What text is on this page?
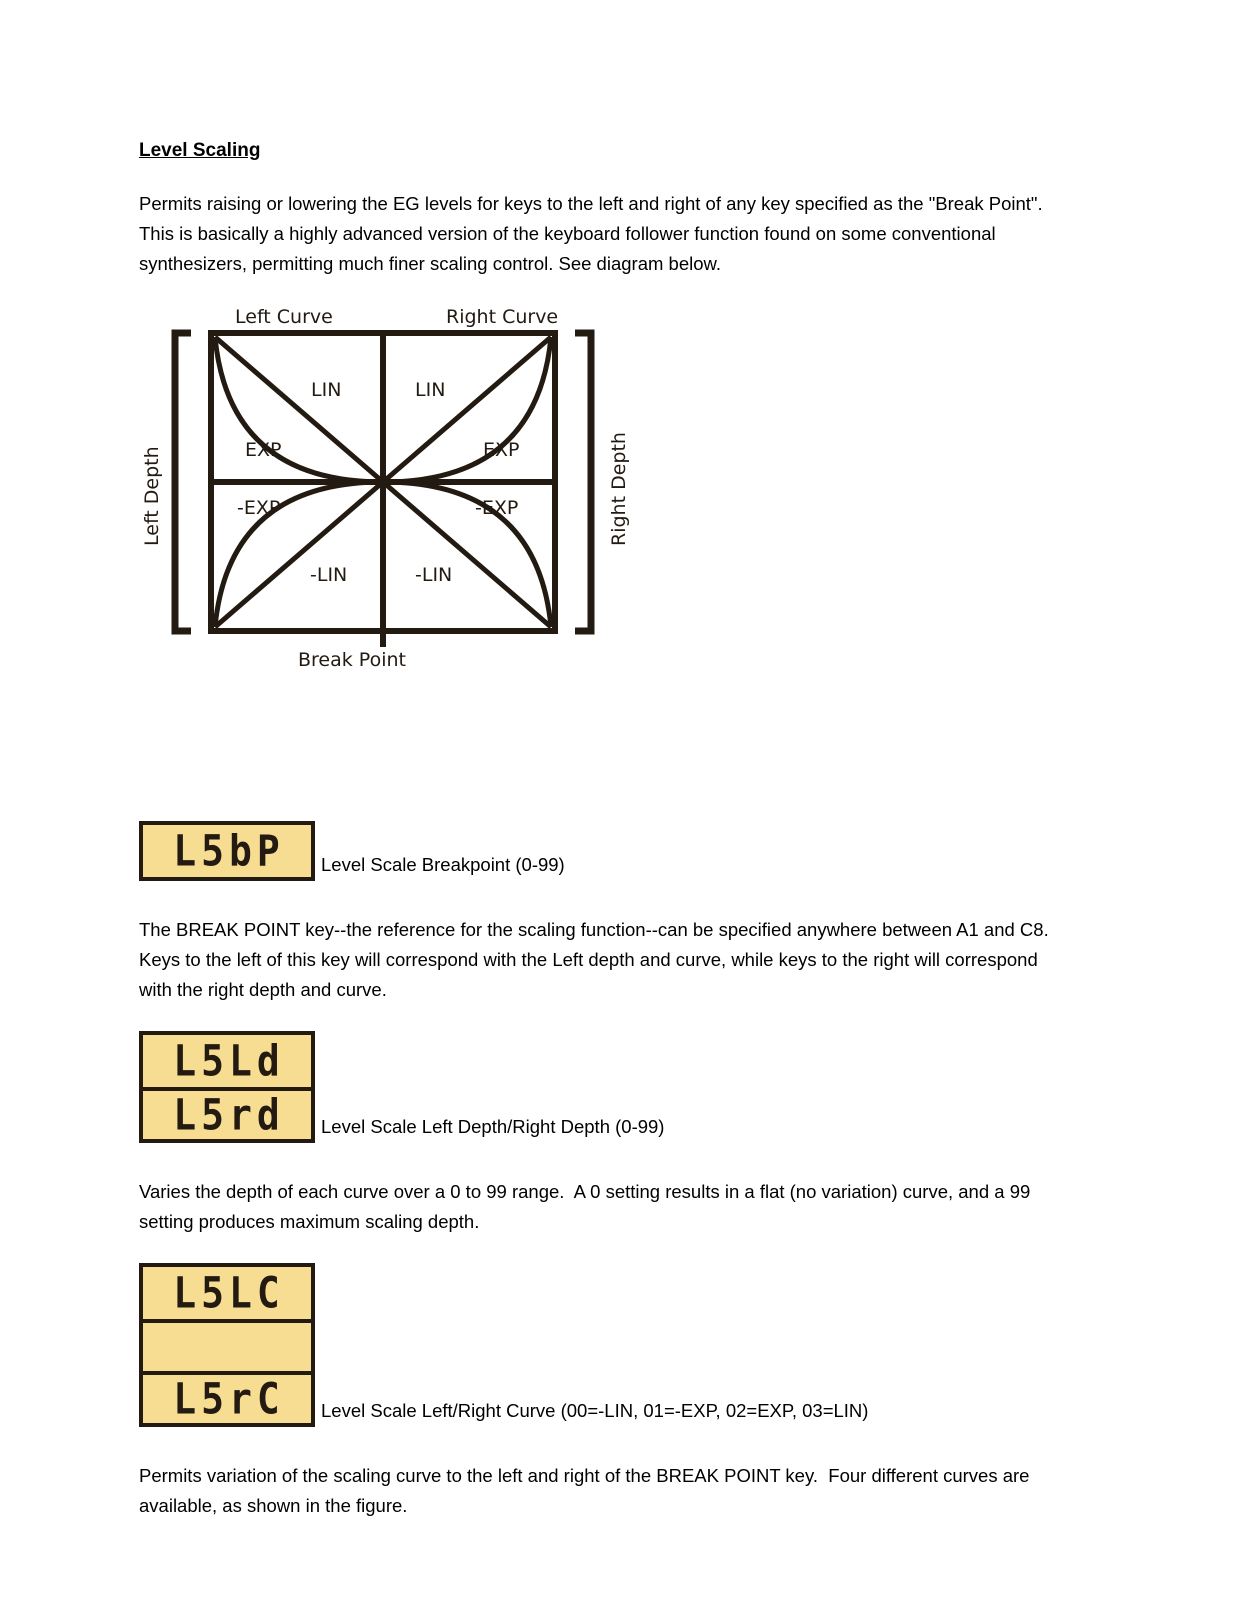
Level Scaling

Permits raising or lowering the EG levels for keys to the left and right of any key specified as the "Break Point".  This is basically a highly advanced version of the keyboard follower function found on some conventional synthesizers, permitting much finer scaling control. See diagram below.

Left Curve	Right Curve
Left Depth	Right Depth
LIN
EXP
LIN
EXP
-EXP
-LIN
-EXP
-LIN
Break Point
L5bP	Level Scale Breakpoint (0-99)

The BREAK POINT key--the reference for the scaling function--can be specified anywhere between A1 and C8. Keys to the left of this key will correspond with the Left depth and curve, while keys to the right will correspond with the right depth and curve.

L5Ld
L5rd	Level Scale Left Depth/Right Depth (0-99)

Varies the depth of each curve over a 0 to 99 range.  A 0 setting results in a flat (no variation) curve, and a 99 setting produces maximum scaling depth.

L5LC
L5rC	Level Scale Left/Right Curve (00=-LIN, 01=-EXP, 02=EXP, 03=LIN)

Permits variation of the scaling curve to the left and right of the BREAK POINT key.  Four different curves are available, as shown in the figure.
